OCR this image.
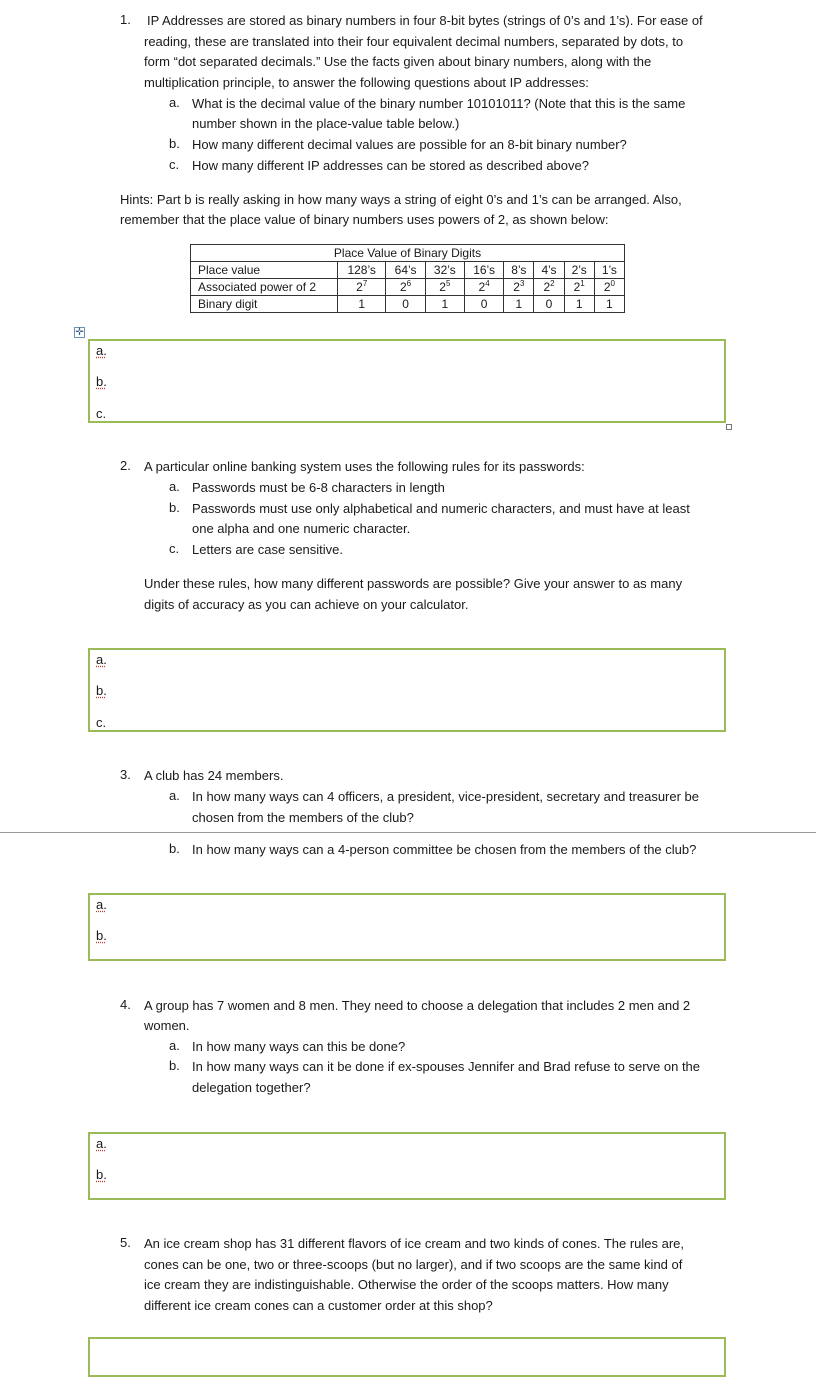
1.	IP Addresses are stored as binary numbers in four 8-bit bytes (strings of 0’s and 1’s). For ease of
reading, these are translated into their four equivalent decimal numbers, separated by dots, to
form “dot separated decimals.” Use the facts given about binary numbers, along with the
multiplication principle, to answer the following questions about IP addresses:
a. What is the decimal value of the binary number 10101011? (Note that this is the same
number shown in the place-value table below.)
b. How many different decimal values are possible for an 8-bit binary number?
c. How many different IP addresses can be stored as described above?
Hints: Part b is really asking in how many ways a string of eight 0’s and 1’s can be arranged. Also,
remember that the place value of binary numbers uses powers of 2, as shown below:
Place Value of Binary Digits								
Place value	128’s	64’s	32’s	16’s	8’s	4’s	2’s	1’s
Associated power of 2	$2^7$	$2^6$	$2^5$	$2^4$	$2^3$	$2^2$	$2^1$	$2^0$
Binary digit	1	0	1	0	1	0	1	1
✛
a.
b.
c.
2.	A particular online banking system uses the following rules for its passwords:
a. Passwords must be 6-8 characters in length
b. Passwords must use only alphabetical and numeric characters, and must have at least
one alpha and one numeric character.
c. Letters are case sensitive.
Under these rules, how many different passwords are possible? Give your answer to as many
digits of accuracy as you can achieve on your calculator.
a.
b.
c.
3.	A club has 24 members.
a. In how many ways can 4 officers, a president, vice-president, secretary and treasurer be
chosen from the members of the club?
b. In how many ways can a 4-person committee be chosen from the members of the club?
a.
b.
4.	A group has 7 women and 8 men. They need to choose a delegation that includes 2 men and 2
women.
a. In how many ways can this be done?
b. In how many ways can it be done if ex-spouses Jennifer and Brad refuse to serve on the
delegation together?
a.
b.
5.	An ice cream shop has 31 different flavors of ice cream and two kinds of cones. The rules are,
cones can be one, two or three-scoops (but no larger), and if two scoops are the same kind of
ice cream they are indistinguishable. Otherwise the order of the scoops matters. How many
different ice cream cones can a customer order at this shop?
